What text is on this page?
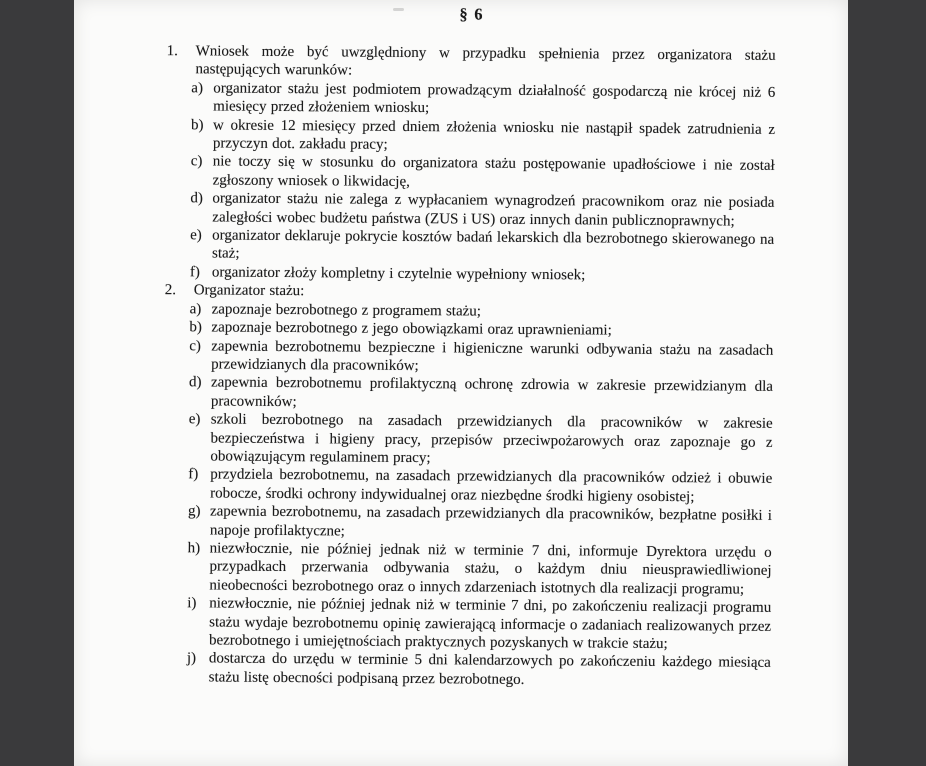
§ 6
1.	Wniosek może być uwzględniony w przypadku spełnienia przez organizatora stażu następujących warunków:

a) organizator stażu jest podmiotem prowadzącym działalność gospodarczą nie krócej niż 6 miesięcy przed złożeniem wniosku;

b) w okresie 12 miesięcy przed dniem złożenia wniosku nie nastąpił spadek zatrudnienia z przyczyn dot. zakładu pracy;

c) nie toczy się w stosunku do organizatora stażu postępowanie upadłościowe i nie został zgłoszony wniosek o likwidację,

d) organizator stażu nie zalega z wypłacaniem wynagrodzeń pracownikom oraz nie posiada zaległości wobec budżetu państwa (ZUS i US) oraz innych danin publicznoprawnych;

e) organizator deklaruje pokrycie kosztów badań lekarskich dla bezrobotnego skierowanego na staż;

f) organizator złoży kompletny i czytelnie wypełniony wniosek;

2.	Organizator stażu:

a) zapoznaje bezrobotnego z programem stażu;

b) zapoznaje bezrobotnego z jego obowiązkami oraz uprawnieniami;

c) zapewnia bezrobotnemu bezpieczne i higieniczne warunki odbywania stażu na zasadach przewidzianych dla pracowników;

d) zapewnia bezrobotnemu profilaktyczną ochronę zdrowia w zakresie przewidzianym dla pracowników;

e) szkoli bezrobotnego na zasadach przewidzianych dla pracowników w zakresie bezpieczeństwa i higieny pracy, przepisów przeciwpożarowych oraz zapoznaje go z obowiązującym regulaminem pracy;

f) przydziela bezrobotnemu, na zasadach przewidzianych dla pracowników odzież i obuwie robocze, środki ochrony indywidualnej oraz niezbędne środki higieny osobistej;

g) zapewnia bezrobotnemu, na zasadach przewidzianych dla pracowników, bezpłatne posiłki i napoje profilaktyczne;

h) niezwłocznie, nie później jednak niż w terminie 7 dni, informuje Dyrektora urzędu o przypadkach przerwania odbywania stażu, o każdym dniu nieusprawiedliwionej nieobecności bezrobotnego oraz o innych zdarzeniach istotnych dla realizacji programu;

i) niezwłocznie, nie później jednak niż w terminie 7 dni, po zakończeniu realizacji programu stażu wydaje bezrobotnemu opinię zawierającą informacje o zadaniach realizowanych przez bezrobotnego i umiejętnościach praktycznych pozyskanych w trakcie stażu;

j) dostarcza do urzędu w terminie 5 dni kalendarzowych po zakończeniu każdego miesiąca stażu listę obecności podpisaną przez bezrobotnego.
